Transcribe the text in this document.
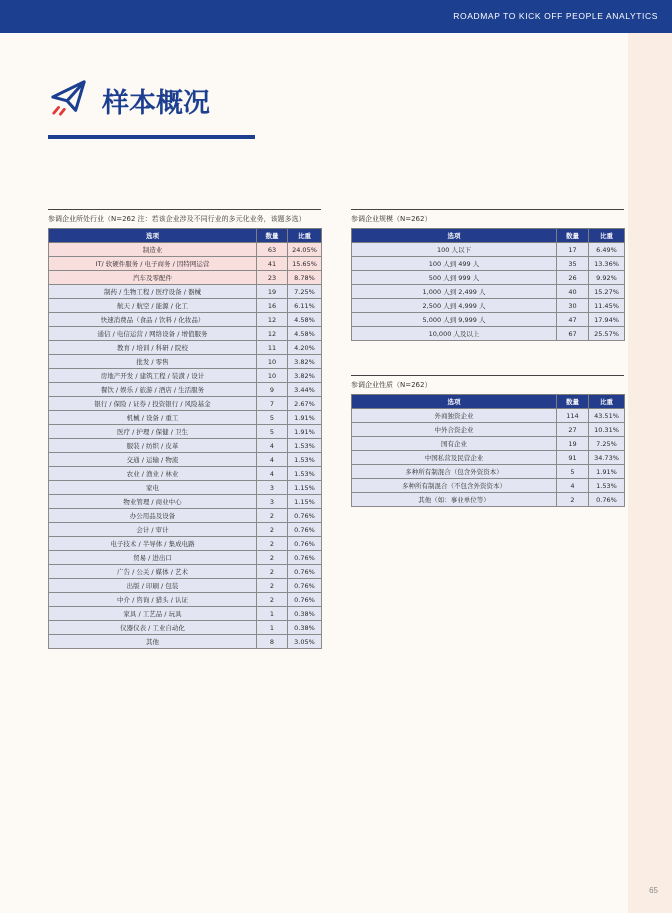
ROADMAP TO KICK OFF PEOPLE ANALYTICS
样本概况
参调企业所处行业（N=262 注：若该企业涉及不同行业的多元化业务，该题多选）
选项	数量	比重
制造业	63	24.05%
IT/ 软硬件服务 / 电子商务 / 因特网运营	41	15.65%
汽车及零配件	23	8.78%
制药 / 生物工程 / 医疗设备 / 器械	19	7.25%
航天 / 航空 / 能源 / 化工	16	6.11%
快速消费品（食品 / 饮料 / 化妆品）	12	4.58%
通信 / 电信运营 / 网络设备 / 增值服务	12	4.58%
教育 / 培训 / 科研 / 院校	11	4.20%
批发 / 零售	10	3.82%
房地产开发 / 建筑工程 / 装潢 / 设计	10	3.82%
餐饮 / 娱乐 / 旅游 / 酒店 / 生活服务	9	3.44%
银行 / 保险 / 证券 / 投资银行 / 风险基金	7	2.67%
机械 / 设备 / 重工	5	1.91%
医疗 / 护理 / 保健 / 卫生	5	1.91%
服装 / 纺织 / 皮革	4	1.53%
交通 / 运输 / 物流	4	1.53%
农业 / 渔业 / 林业	4	1.53%
家电	3	1.15%
物业管理 / 商业中心	3	1.15%
办公用品及设备	2	0.76%
会计 / 审计	2	0.76%
电子技术 / 半导体 / 集成电路	2	0.76%
贸易 / 进出口	2	0.76%
广告 / 公关 / 媒体 / 艺术	2	0.76%
出版 / 印刷 / 包装	2	0.76%
中介 / 咨询 / 猎头 / 认证	2	0.76%
家具 / 工艺品 / 玩具	1	0.38%
仪器仪表 / 工业自动化	1	0.38%
其他	8	3.05%
参调企业规模（N=262）
选项	数量	比重
100 人以下	17	6.49%
100 人到 499 人	35	13.36%
500 人到 999 人	26	9.92%
1,000 人到 2,499 人	40	15.27%
2,500 人到 4,999 人	30	11.45%
5,000 人到 9,999 人	47	17.94%
10,000 人及以上	67	25.57%
参调企业性质（N=262）
选项	数量	比重
外商独资企业	114	43.51%
中外合资企业	27	10.31%
国有企业	19	7.25%
中国私营及民营企业	91	34.73%
多种所有制混合（包含外资资本）	5	1.91%
多种所有制混合（不包含外资资本）	4	1.53%
其他（如：事业单位等）	2	0.76%
65
